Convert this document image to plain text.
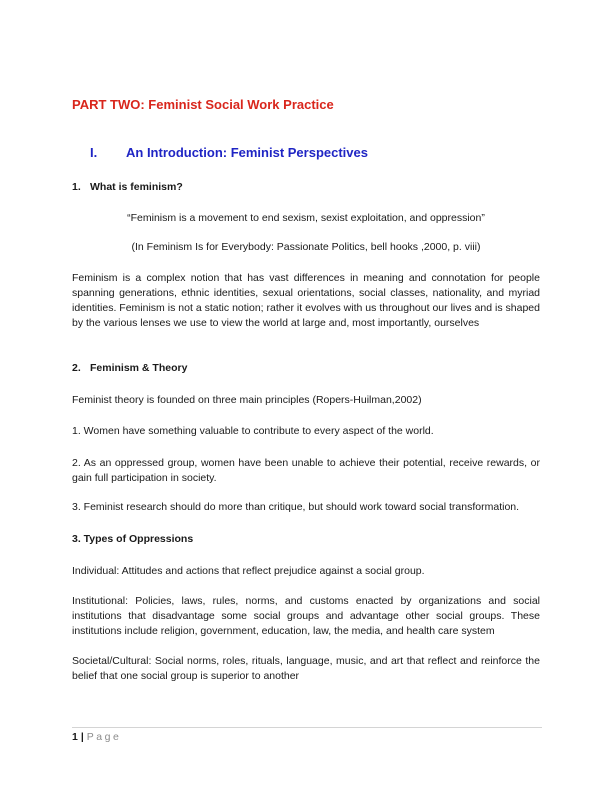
PART TWO: Feminist Social Work Practice
I. An Introduction: Feminist Perspectives
1. What is feminism?
“Feminism is a movement to end sexism, sexist exploitation, and oppression”
(In Feminism Is for Everybody: Passionate Politics, bell hooks ,2000, p. viii)
Feminism is a complex notion that has vast differences in meaning and connotation for people spanning generations, ethnic identities, sexual orientations, social classes, nationality, and myriad identities. Feminism is not a static notion; rather it evolves with us throughout our lives and is shaped by the various lenses we use to view the world at large and, most importantly, ourselves
2. Feminism & Theory
Feminist theory is founded on three main principles (Ropers-Huilman,2002)
1. Women have something valuable to contribute to every aspect of the world.
2. As an oppressed group, women have been unable to achieve their potential, receive rewards, or gain full participation in society.
3. Feminist research should do more than critique, but should work toward social transformation.
3. Types of Oppressions
Individual: Attitudes and actions that reflect prejudice against a social group.
Institutional: Policies, laws, rules, norms, and customs enacted by organizations and social institutions that disadvantage some social groups and advantage other social groups. These institutions include religion, government, education, law, the media, and health care system
Societal/Cultural: Social norms, roles, rituals, language, music, and art that reflect and reinforce the belief that one social group is superior to another
1 | Page
